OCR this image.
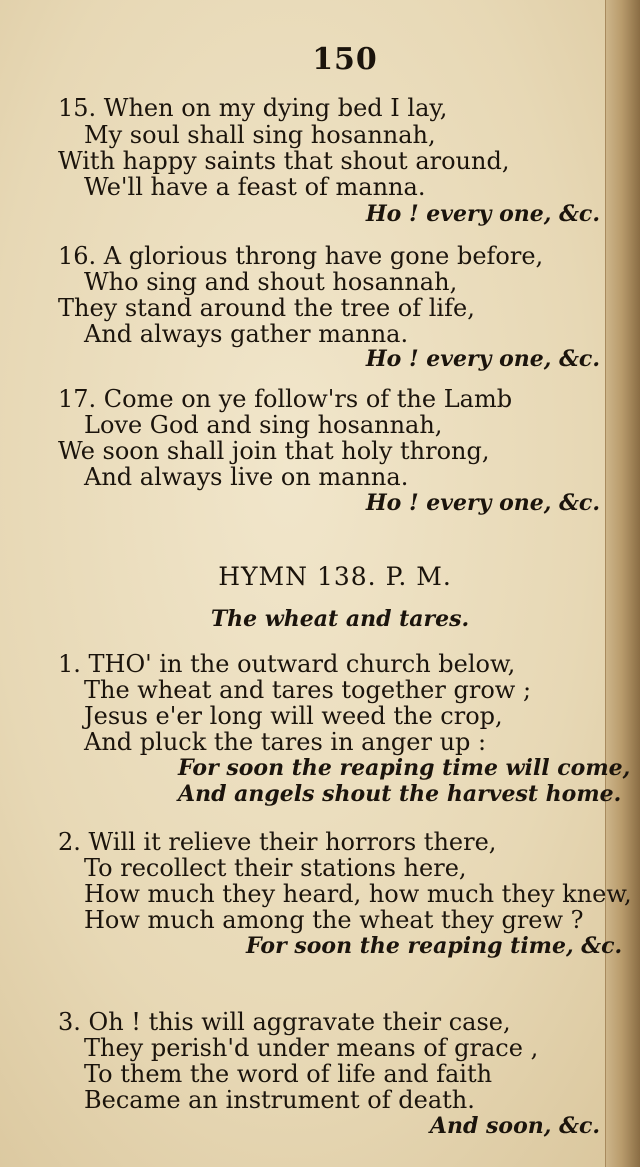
150
15. When on my dying bed I lay,
My soul shall sing hosannah,
With happy saints that shout around,
We'll have a feast of manna.
Ho ! every one, &c.
16. A glorious throng have gone before,
Who sing and shout hosannah,
They stand around the tree of life,
And always gather manna.
Ho ! every one, &c.
17. Come on ye follow'rs of the Lamb
Love God and sing hosannah,
We soon shall join that holy throng,
And always live on manna.
Ho ! every one, &c.
HYMN 138. P. M.
The wheat and tares.
1. THO' in the outward church below,
The wheat and tares together grow ;
Jesus e'er long will weed the crop,
And pluck the tares in anger up :
For soon the reaping time will come,
And angels shout the harvest home.
2. Will it relieve their horrors there,
To recollect their stations here,
How much they heard, how much they knew,
How much among the wheat they grew ?
For soon the reaping time, &c.
3. Oh ! this will aggravate their case,
They perish'd under means of grace ,
To them the word of life and faith
Became an instrument of death.
And soon, &c.
